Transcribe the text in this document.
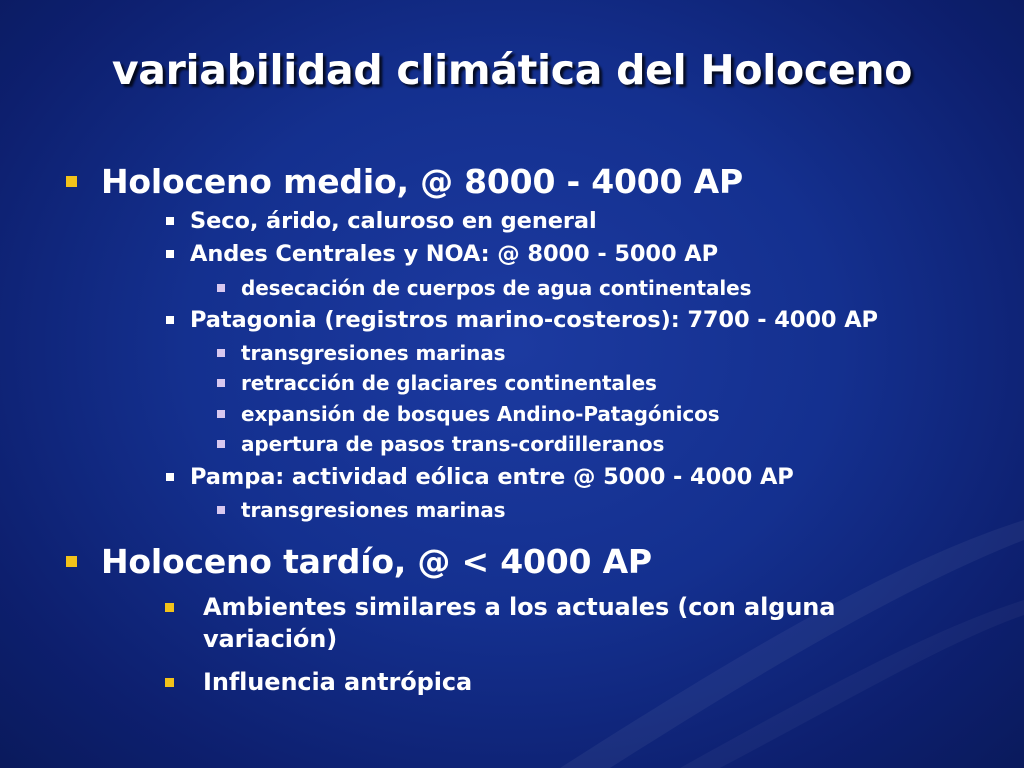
variabilidad climática del Holoceno
Holoceno medio, @ 8000 - 4000 AP
Seco, árido, caluroso en general
Andes Centrales y NOA: @ 8000 - 5000 AP
desecación de cuerpos de agua continentales
Patagonia (registros marino-costeros): 7700 - 4000 AP
transgresiones marinas
retracción de glaciares continentales
expansión de bosques Andino-Patagónicos
apertura de pasos trans-cordilleranos
Pampa: actividad eólica entre @ 5000 - 4000 AP
transgresiones marinas
Holoceno tardío, @ < 4000 AP
Ambientes similares a los actuales (con alguna
variación)
Influencia antrópica
